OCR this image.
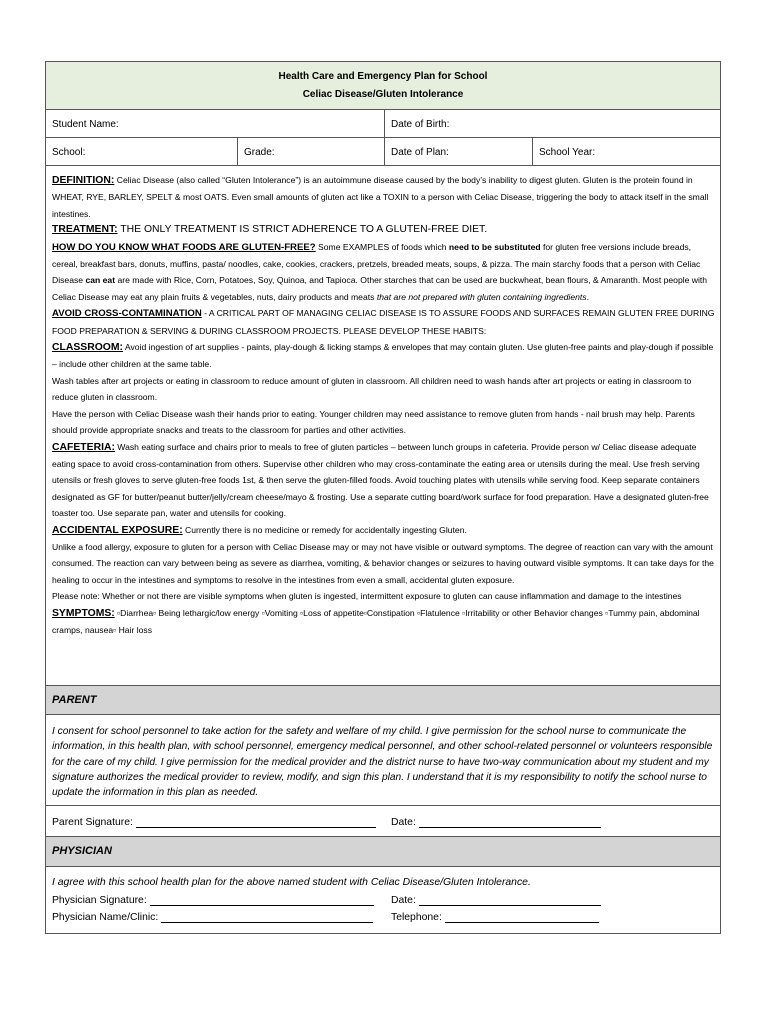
Health Care and Emergency Plan for School
Celiac Disease/Gluten Intolerance
Student Name:	Date of Birth:
School:	Grade:	Date of Plan:	School Year:

DEFINITION: Celiac Disease (also called “Gluten Intolerance”) is an autoimmune disease caused by the body’s inability to digest gluten. Gluten is the protein found in WHEAT, RYE, BARLEY, SPELT & most OATS. Even small amounts of gluten act like a TOXIN to a person with Celiac Disease, triggering the body to attack itself in the small intestines.

TREATMENT: THE ONLY TREATMENT IS STRICT ADHERENCE TO A GLUTEN-FREE DIET.

HOW DO YOU KNOW WHAT FOODS ARE GLUTEN-FREE? Some EXAMPLES of foods which need to be substituted for gluten free versions include breads, cereal, breakfast bars, donuts, muffins, pasta/ noodles, cake, cookies, crackers, pretzels, breaded meats, soups, & pizza. The main starchy foods that a person with Celiac Disease can eat are made with Rice, Corn, Potatoes, Soy, Quinoa, and Tapioca. Other starches that can be used are buckwheat, bean flours, & Amaranth. Most people with Celiac Disease may eat any plain fruits & vegetables, nuts, dairy products and meats that are not prepared with gluten containing ingredients.

AVOID CROSS-CONTAMINATION - A CRITICAL PART OF MANAGING CELIAC DISEASE IS TO ASSURE FOODS AND SURFACES REMAIN GLUTEN FREE DURING FOOD PREPARATION & SERVING & DURING CLASSROOM PROJECTS. PLEASE DEVELOP THESE HABITS:

CLASSROOM: Avoid ingestion of art supplies - paints, play-dough & licking stamps & envelopes that may contain gluten. Use gluten-free paints and play-dough if possible – include other children at the same table.

Wash tables after art projects or eating in classroom to reduce amount of gluten in classroom. All children need to wash hands after art projects or eating in classroom to reduce gluten in classroom.

Have the person with Celiac Disease wash their hands prior to eating. Younger children may need assistance to remove gluten from hands - nail brush may help. Parents should provide appropriate snacks and treats to the classroom for parties and other activities.

CAFETERIA: Wash eating surface and chairs prior to meals to free of gluten particles – between lunch groups in cafeteria. Provide person w/ Celiac disease adequate eating space to avoid cross-contamination from others. Supervise other children who may cross-contaminate the eating area or utensils during the meal. Use fresh serving utensils or fresh gloves to serve gluten-free foods 1st, & then serve the gluten-filled foods. Avoid touching plates with utensils while serving food. Keep separate containers designated as GF for butter/peanut butter/jelly/cream cheese/mayo & frosting. Use a separate cutting board/work surface for food preparation. Have a designated gluten-free toaster too. Use separate pan, water and utensils for cooking.

ACCIDENTAL EXPOSURE: Currently there is no medicine or remedy for accidentally ingesting Gluten.

Unlike a food allergy, exposure to gluten for a person with Celiac Disease may or may not have visible or outward symptoms. The degree of reaction can vary with the amount consumed. The reaction can vary between being as severe as diarrhea, vomiting, & behavior changes or seizures to having outward visible symptoms. It can take days for the healing to occur in the intestines and symptoms to resolve in the intestines from even a small, accidental gluten exposure.

Please note: Whether or not there are visible symptoms when gluten is ingested, intermittent exposure to gluten can cause inflammation and damage to the intestines

SYMPTOMS: ▫Diarrhea▫ Being lethargic/low energy ▫Vomiting ▫Loss of appetite▫Constipation ▫Flatulence ▫Irritability or other Behavior changes ▫Tummy pain, abdominal cramps, nausea▫ Hair loss

PARENT
I consent for school personnel to take action for the safety and welfare of my child. I give permission for the school nurse to communicate the information, in this health plan, with school personnel, emergency medical personnel, and other school-related personnel or volunteers responsible for the care of my child. I give permission for the medical provider and the district nurse to have two-way communication about my student and my signature authorizes the medical provider to review, modify, and sign this plan. I understand that it is my responsibility to notify the school nurse to update the information in this plan as needed.
Parent Signature:	Date:
PHYSICIAN
I agree with this school health plan for the above named student with Celiac Disease/Gluten Intolerance.
Physician Signature:	Date:
Physician Name/Clinic:	Telephone:
